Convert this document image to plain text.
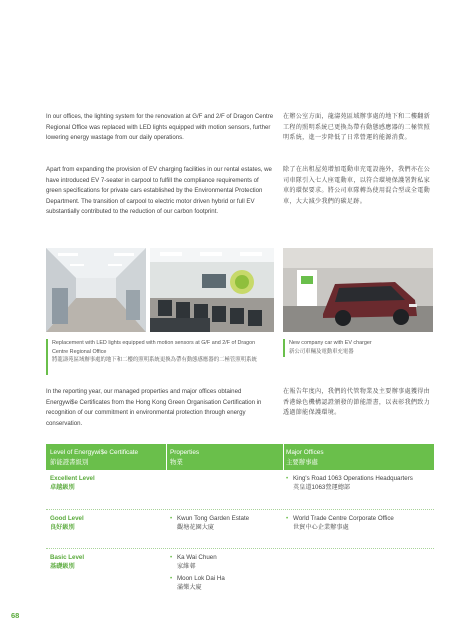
In our offices, the lighting system for the renovation at G/F and 2/F of Dragon Centre Regional Office was replaced with LED lights equipped with motion sensors, further lowering energy wastage from our daily operations.
在辦公室方面，龍濤苑區域辦事處的地下和二樓翻新工程的照明系統已更換為帶有動態感應器的二極管照明系統，進一步降低了日常營運的能源消費。
Apart from expanding the provision of EV charging facilities in our rental estates, we have introduced EV 7-seater in carpool to fulfill the compliance requirements of green specifications for private cars established by the Environmental Protection Department. The transition of carpool to electric motor driven hybrid or full EV substantially contributed to the reduction of our carbon footprint.
除了在出租屋苑增加電動車充電設施外，我們亦在公司車隊引入七人座電動車，以符合環境保護署對私家車的環保要求。將公司車隊轉為使用混合型或全電動車，大大減少我們的碳足跡。
Replacement with LED lights equipped with motion sensors at G/F and 2/F of Dragon Centre Regional Office
將龍濤苑區域辦事處的地下和二樓的照明系統更換為帶有動態感應器的二極管照明系統
New company car with EV charger
新公司車輛及電動車充電器
In the reporting year, our managed properties and major offices obtained Energywi$e Certificates from the Hong Kong Green Organisation Certification in recognition of our commitment in environmental protection through energy conservation.
在報告年度內，我們的代管物業及主要辦事處獲得由香港綠色機構認證頒發的節能證書，以表彰我們致力透過節能保護環境。
Level of Energywi$e Certificate
節能證書級別
Properties
物業
Major Offices
主要辦事處
Excellent Level
卓越級別
• King's Road 1063 Operations Headquarters
英皇道1063營運總部
Good Level
良好級別
• Kwun Tong Garden Estate
觀塘花園大廈
• World Trade Centre Corporate Office
世貿中心企業辦事處
Basic Level
基礎級別
• Ka Wai Chuen
家維邨
• Moon Lok Dai Ha
滿樂大廈
68
